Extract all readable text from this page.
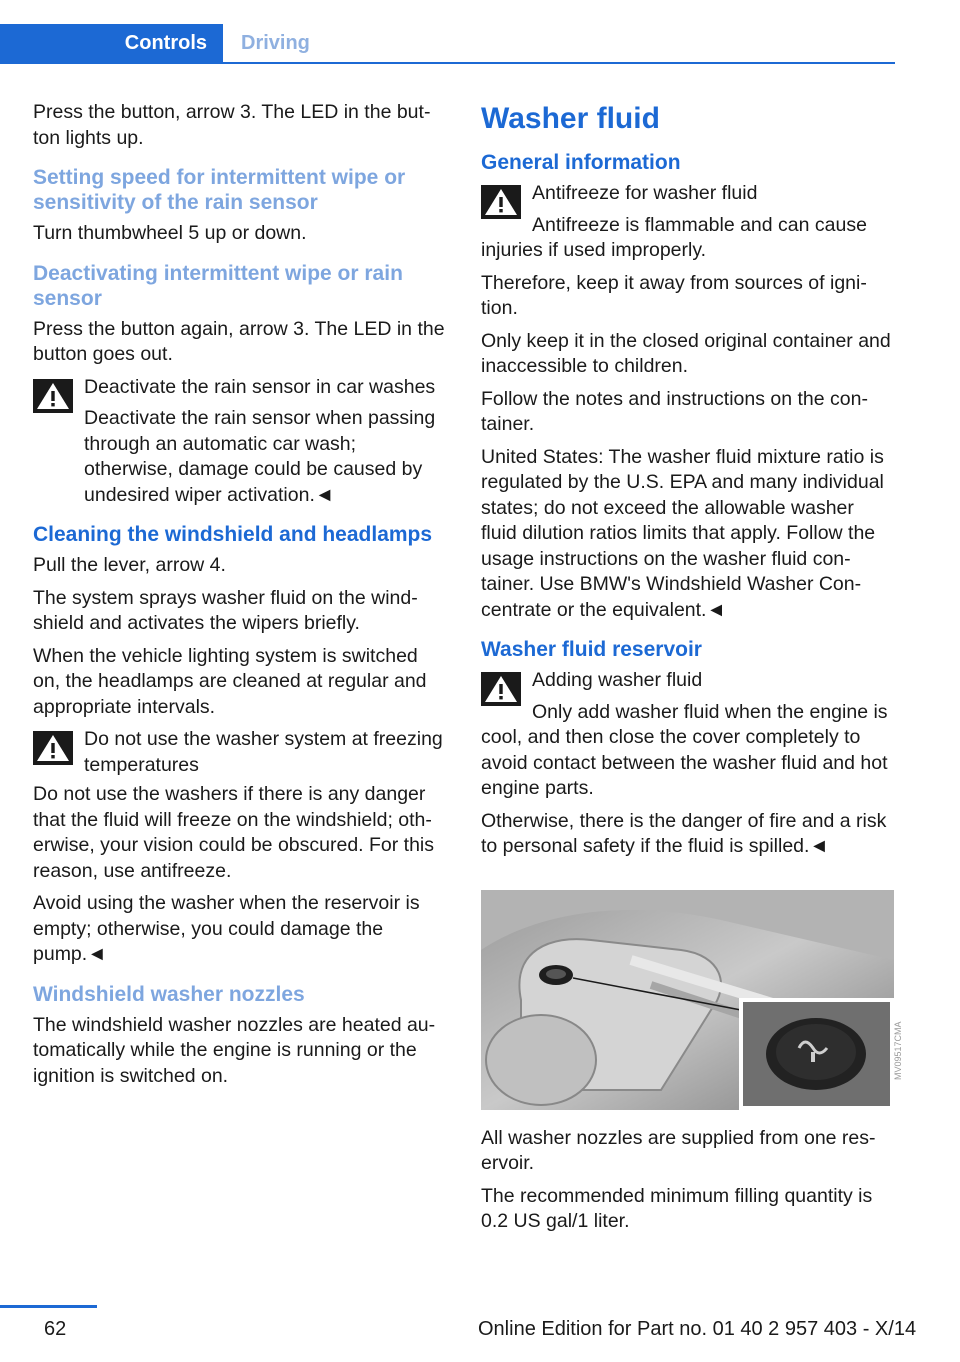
Controls	Driving

Press the button, arrow 3. The LED in the button lights up.

Setting speed for intermittent wipe or sensitivity of the rain sensor

Turn thumbwheel 5 up or down.

Deactivating intermittent wipe or rain sensor

Press the button again, arrow 3. The LED in the button goes out.

Deactivate the rain sensor in car washes
Deactivate the rain sensor when passing through an automatic car wash; otherwise, damage could be caused by undesired wiper activation.◄
Cleaning the windshield and headlamps

Pull the lever, arrow 4.

The system sprays washer fluid on the windshield and activates the wipers briefly.

When the vehicle lighting system is switched on, the headlamps are cleaned at regular and appropriate intervals.

Do not use the washer system at freezing temperatures
Do not use the washers if there is any danger that the fluid will freeze on the windshield; otherwise, your vision could be obscured. For this reason, use antifreeze.

Avoid using the washer when the reservoir is empty; otherwise, you could damage the pump.◄

Windshield washer nozzles

The windshield washer nozzles are heated automatically while the engine is running or the ignition is switched on.

Washer fluid
General information
Antifreeze for washer fluid
Antifreeze is flammable and can cause injuries if used improperly.

Therefore, keep it away from sources of ignition.

Only keep it in the closed original container and inaccessible to children.

Follow the notes and instructions on the container.

United States: The washer fluid mixture ratio is regulated by the U.S. EPA and many individual states; do not exceed the allowable washer fluid dilution ratios limits that apply. Follow the usage instructions on the washer fluid container. Use BMW's Windshield Washer Concentrate or the equivalent.◄

Washer fluid reservoir
Adding washer fluid
Only add washer fluid when the engine is cool, and then close the cover completely to avoid contact between the washer fluid and hot engine parts.

Otherwise, there is the danger of fire and a risk to personal safety if the fluid is spilled.◄

All washer nozzles are supplied from one reservoir.

The recommended minimum filling quantity is 0.2 US gal/1 liter.

MV09517CMA
62	Online Edition for Part no. 01 40 2 957 403 - X/14
